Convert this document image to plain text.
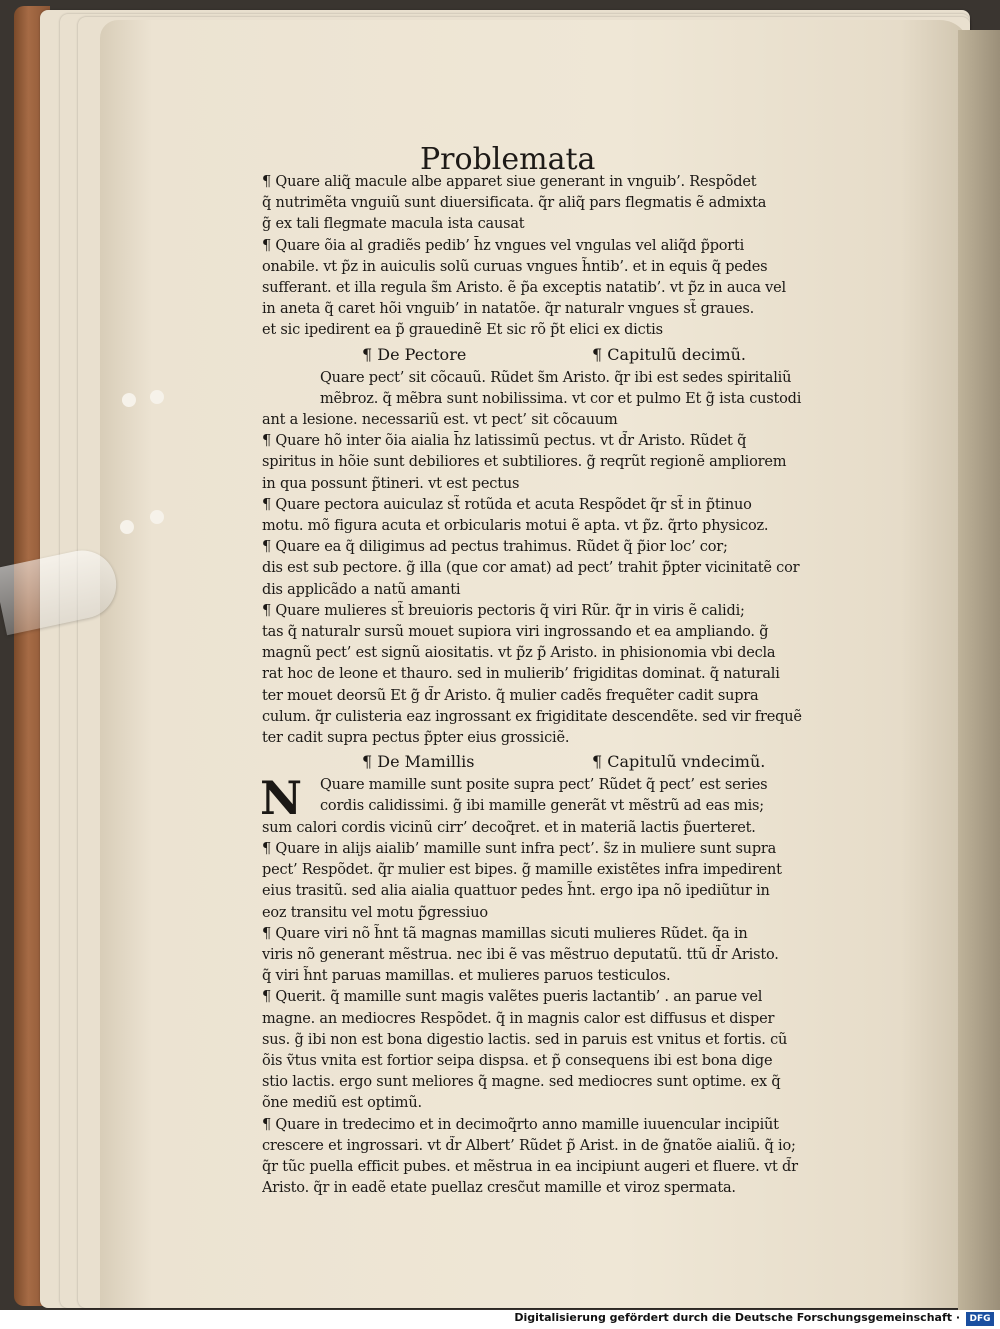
Problemata
¶ Quare aliq̃ macule albe apparet siue generant in vnguib’. Respõdet
q̃ nutrimẽta vnguiũ sunt diuersificata. q̃r aliq̃ pars flegmatis ẽ admixta
g̃ ex tali flegmate macula ista causat
¶ Quare õia al gradiẽs pedib’ h̄z vngues vel vngulas vel aliq̃d p̃porti
onabile. vt p̃z in auiculis solũ curuas vngues h̃ntib’. et in equis q̃ pedes
sufferant. et illa regula s̃m Aristo. ẽ p̃a exceptis natatib’. vt p̃z in auca vel
in aneta q̃ caret hõi vnguib’ in natatõe. q̃r naturalr vngues st̃ graues.
et sic ipedirent ea p̃ grauedinẽ Et sic rõ p̃t elici ex dictis
¶ De Pectore	¶ Capitulũ decimũ.
Quare pect’ sit cõcauũ. Rũdet s̃m Aristo. q̃r ibi est sedes spiritaliũ
mẽbroz. q̃ mẽbra sunt nobilissima. vt cor et pulmo Et g̃ ista custodi
ant a lesione. necessariũ est. vt pect’ sit cõcauum
¶ Quare hõ inter õia aialia h̄z latissimũ pectus. vt d̃r Aristo. Rũdet q̃
spiritus in hõie sunt debiliores et subtiliores. g̃ reqrũt regionẽ ampliorem
in qua possunt p̃tineri. vt est pectus
¶ Quare pectora auiculaz st̃ rotũda et acuta Respõdet q̃r st̃ in p̃tinuo
motu. mõ figura acuta et orbicularis motui ẽ apta. vt p̃z. q̃rto physicoz.
¶ Quare ea q̃ diligimus ad pectus trahimus. Rũdet q̃ p̃ior loc’ cor;
dis est sub pectore. g̃ illa (que cor amat) ad pect’ trahit p̃pter vicinitatẽ cor
dis applicãdo a natũ amanti
¶ Quare mulieres st̃ breuioris pectoris q̃ viri Rũr. q̃r in viris ẽ calidi;
tas q̃ naturalr sursũ mouet supiora viri ingrossando et ea ampliando. g̃
magnũ pect’ est signũ aiositatis. vt p̃z p̃ Aristo. in phisionomia vbi decla
rat hoc de leone et thauro. sed in mulierib’ frigiditas dominat. q̃ naturali
ter mouet deorsũ Et g̃ d̃r Aristo. q̃ mulier cadẽs frequẽter cadit supra
culum. q̃r culisteria eaz ingrossant ex frigiditate descendẽte. sed vir frequẽ
ter cadit supra pectus p̃pter eius grossiciẽ.
¶ De Mamillis	¶ Capitulũ vndecimũ.
N	Quare mamille sunt posite supra pect’ Rũdet q̃ pect’ est series
cordis calidissimi. g̃ ibi mamille generãt vt mẽstrũ ad eas mis;
sum calori cordis vicinũ cirr’ decoq̃ret. et in materiã lactis p̃uerteret.
¶ Quare in alijs aialib’ mamille sunt infra pect’. s̃z in muliere sunt supra
pect’ Respõdet. q̃r mulier est bipes. g̃ mamille existẽtes infra impedirent
eius trasitũ. sed alia aialia quattuor pedes h̃nt. ergo ipa nõ ipediũtur in
eoz transitu vel motu p̃gressiuo
¶ Quare viri nõ h̃nt tã magnas mamillas sicuti mulieres Rũdet. q̃a in
viris nõ generant mẽstrua. nec ibi ẽ vas mẽstruo deputatũ. ttũ d̃r Aristo.
q̃ viri h̃nt paruas mamillas. et mulieres paruos testiculos.
¶ Querit. q̃ mamille sunt magis valẽtes pueris lactantib’ . an parue vel
magne. an mediocres Respõdet. q̃ in magnis calor est diffusus et disper
sus. g̃ ibi non est bona digestio lactis. sed in paruis est vnitus et fortis. cũ
õis ṽtus vnita est fortior seipa dispsa. et p̃ consequens ibi est bona dige
stio lactis. ergo sunt meliores q̃ magne. sed mediocres sunt optime. ex q̃
õne mediũ est optimũ.
¶ Quare in tredecimo et in decimoq̃rto anno mamille iuuencular incipiũt
crescere et ingrossari. vt d̃r Albert’ Rũdet p̃ Arist. in de g̃natõe aialiũ. q̃ io;
q̃r tũc puella efficit pubes. et mẽstrua in ea incipiunt augeri et fluere. vt d̃r
Aristo. q̃r in eadẽ etate puellaz cresc̃ut mamille et viroz spermata.
Digitalisierung gefördert durch die Deutsche Forschungsgemeinschaft ·	DFG
